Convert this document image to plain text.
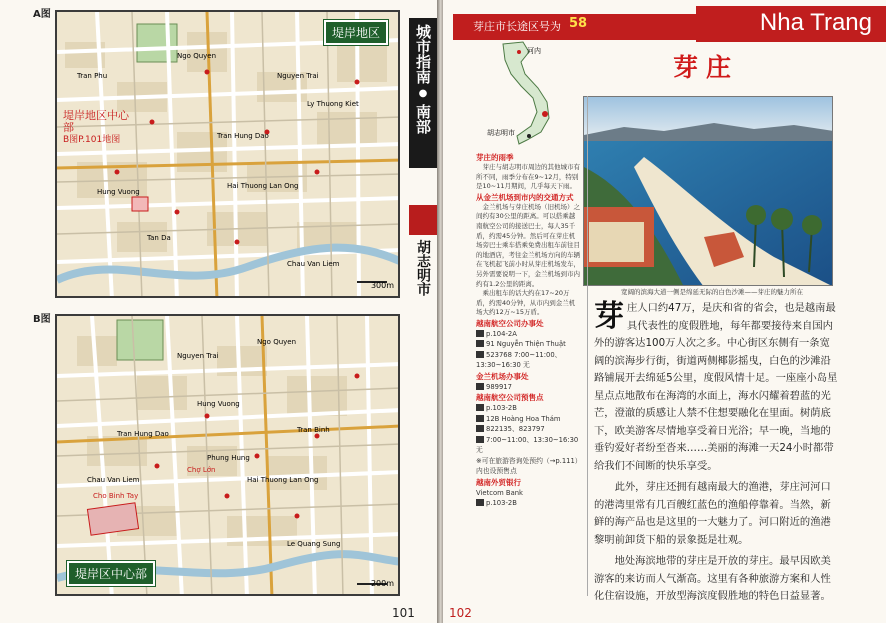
A图
B图
堤岸地区
堤岸地区中心部
B图P.101地图	Tran Hung Dao
Hung Vuong
Hai Thuong Lan Ong
Ngo Quyen
Nguyen Trai
Ly Thuong Kiet
Tan Da
Chau Van Liem
Tran Phu
300m
堤岸区中心部
Hung Vuong
Tran Hung Dao
Hai Thuong Lan Ong
Chau Van Liem
Phung Hung
Tran Binh
Nguyen Trai
Ngo Quyen
Le Quang Sung
Cho Binh Tay
Chợ Lớn
200m
城市指南
●
南部
胡志明市
101
芽庄市长途区号为 58	Nha Trang
芽庄
河内
胡志明市
宽阔的滨海大道一侧是绵延无际的白色沙滩——芽庄的魅力所在
芽庄的雨季
芽庄与胡志明市周边的其他城市有所不同，雨季分布在9~12月，特别是10~11月期间，几乎每天下雨。
从金兰机场到市内的交通方式
金兰机场与芽庄机场（旧机场）之间约有30公里的距离。可以搭乘越南航空公司的接送巴士，每人35千盾，约需45分钟。然后可在芽庄机场旁巴士乘车搭乘免费出租车前往目的地酒店，考往金兰机场方向的车辆在飞机起飞前小时从芽庄机场发车，另外需要说明一下，金兰机场到市内约有1.2公里的距离。
乘出租车的话大约在17~20万盾，约需40分钟，从市内到金兰机场大约12万~15万盾。
越南航空公司办事处
p.104-2A
91 Nguyễn Thiện Thuật
523768 7:00~11:00、13:30~16:30 无
金兰机场办事处
989917
越南航空公司预售点
p.103-2B
12B Hoàng Hoa Thám
822135、823797
7:00~11:00、13:30~16:30 无
※可在旅游咨询处预约（→p.111）内也设预售点
越南外贸银行
Vietcom Bank
p.103-2B
芽 庄人口约47万，是庆和省的省会，也是越南最具代表性的度假胜地，每年都要接待来自国内外的游客达100万人次之多。中心街区东侧有一条宽阔的滨海步行街，街道两侧椰影摇曳，白色的沙滩沿路铺展开去绵延5公里，度假风情十足。一座座小岛星星点点地散布在海湾的水面上，海水闪耀着碧蓝的光芒，澄澈的质感让人禁不住想要融化在里面。树荫底下，欧美游客尽情地享受着日光浴；早一晚，当地的垂钓爱好者纷至沓来……美丽的海滩一天24小时都带给我们不间断的快乐享受。

此外，芽庄还拥有越南最大的渔港，芽庄河河口的港湾里常有几百艘红蓝色的渔船停靠着。当然，新鲜的海产品也是这里的一大魅力了。河口附近的渔港黎明前卸货下船的景象挺是壮观。

地处海滨地带的芽庄是开放的芽庄。最早因欧美游客的来访而人气渐高。这里有各种旅游方案和人性化住宿设施，开放型海滨度假胜地的特色日益显著。

102
